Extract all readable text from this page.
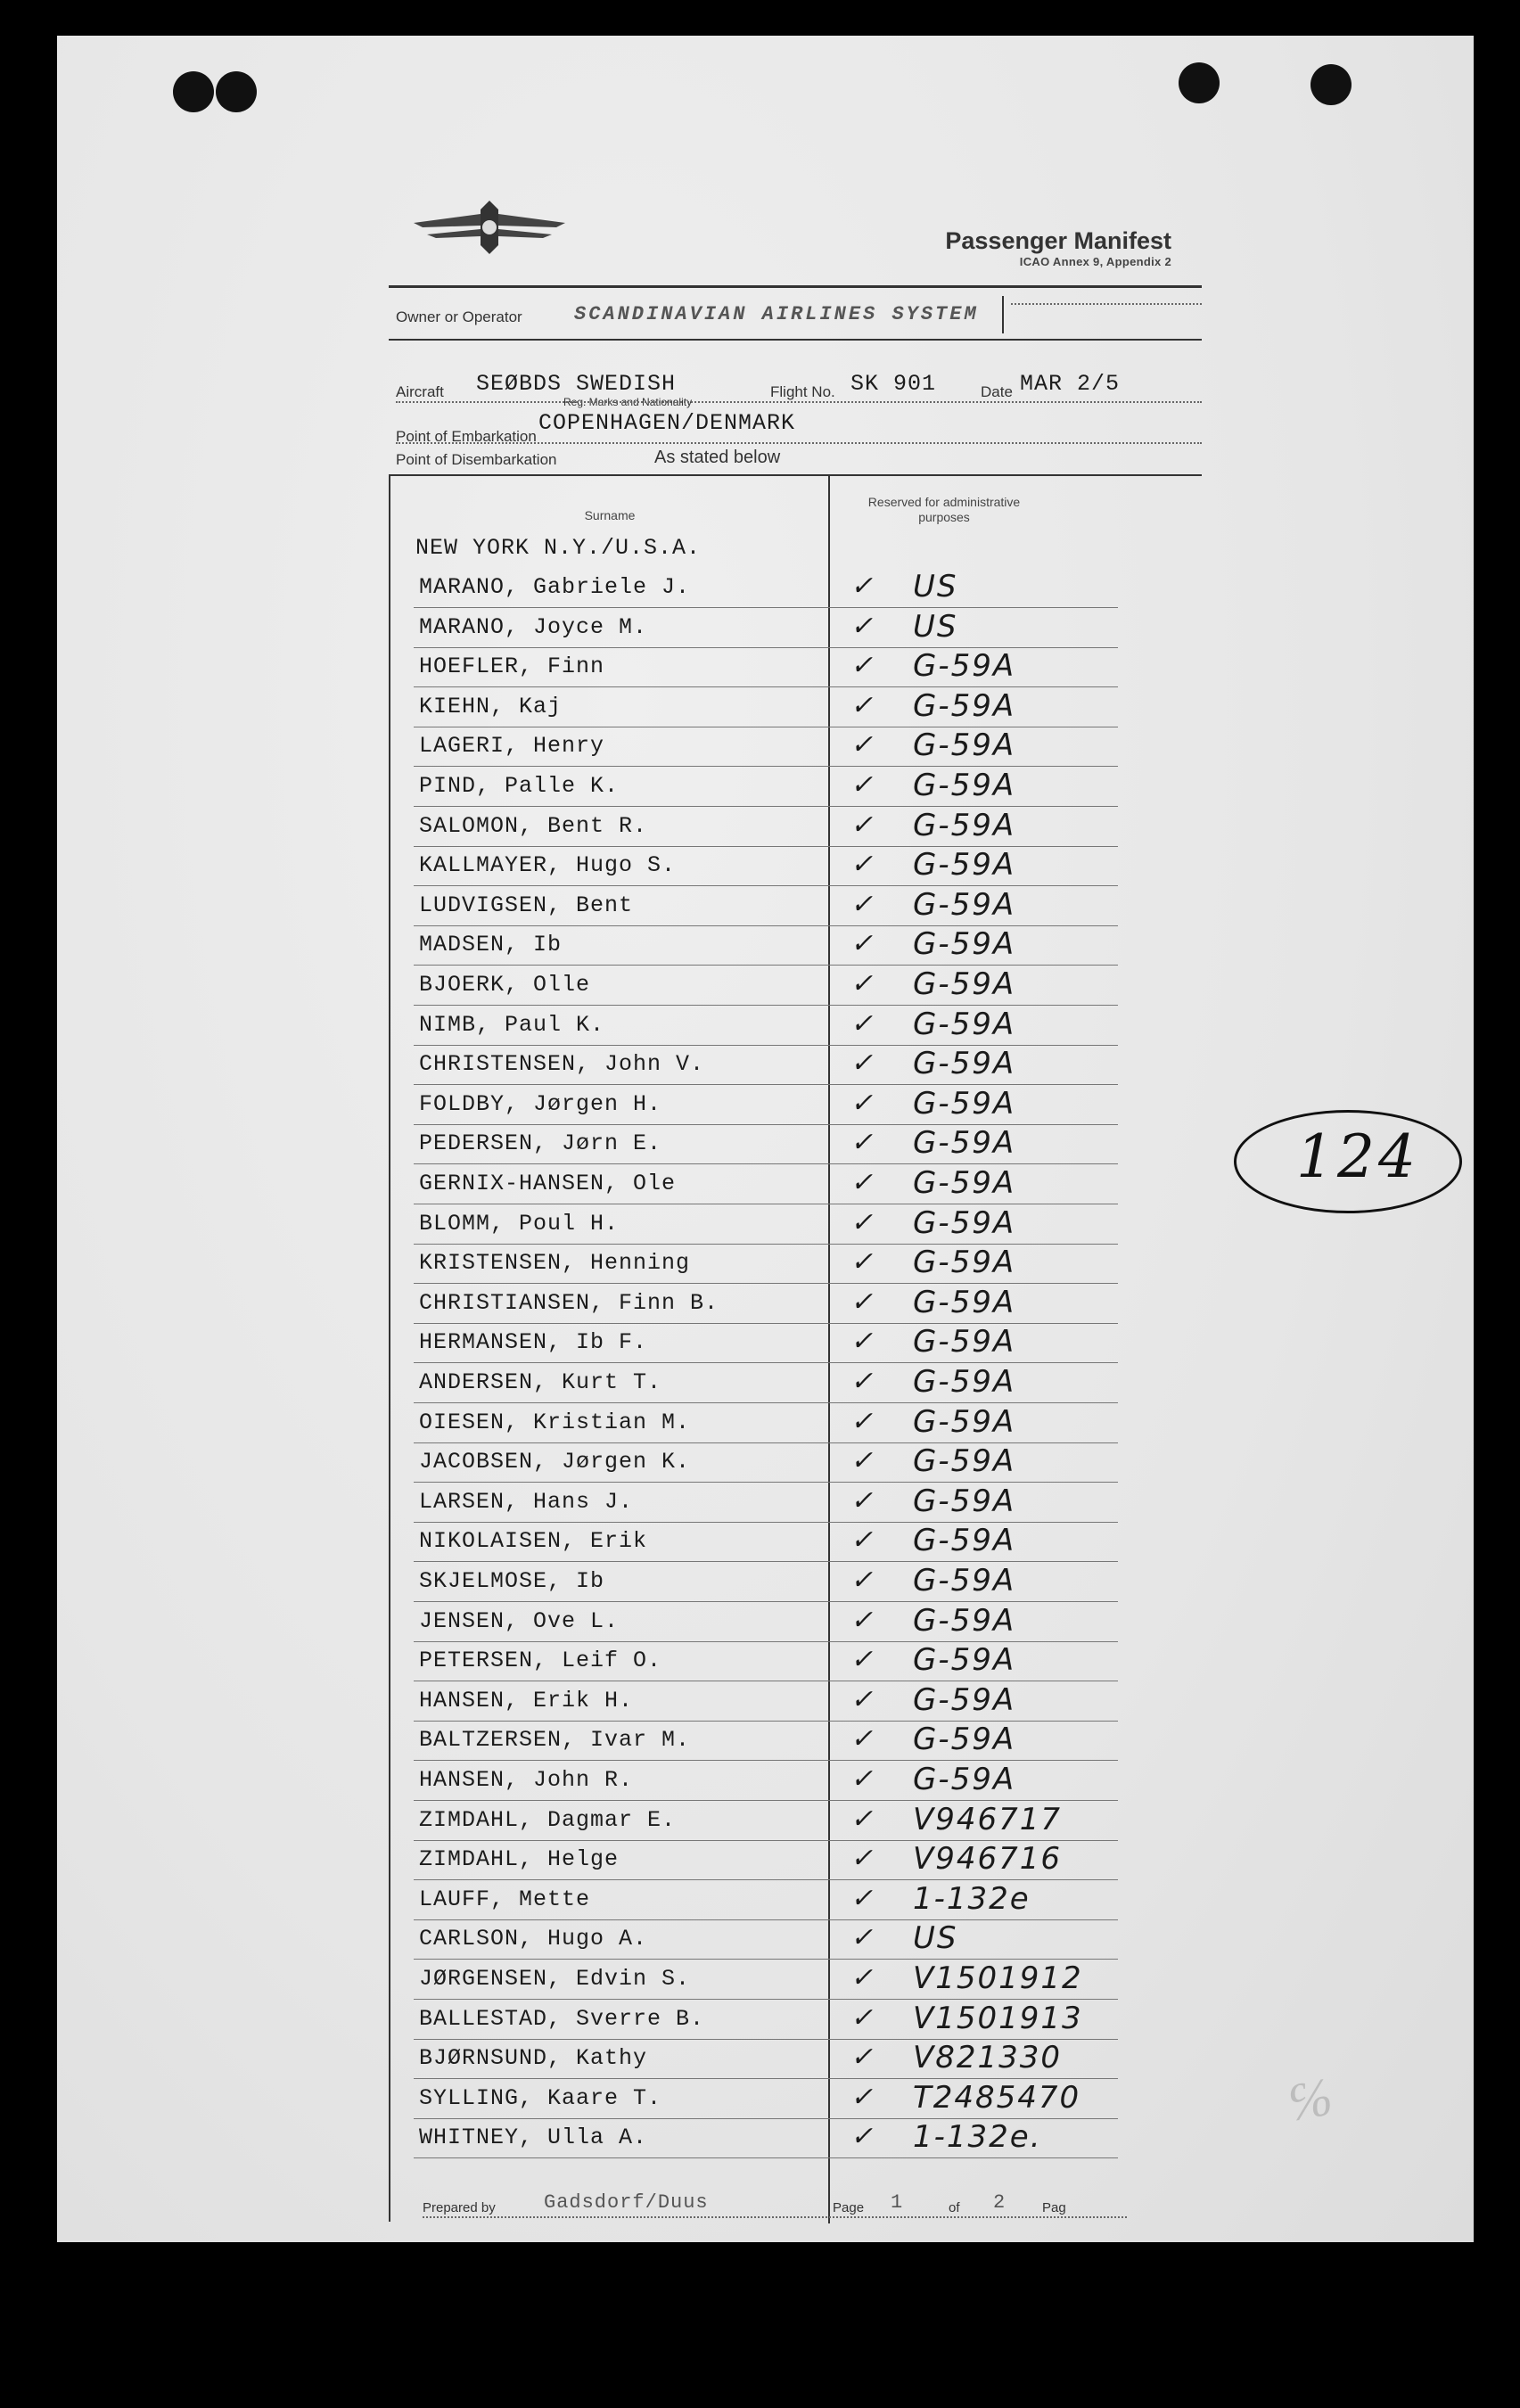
Passenger Manifest
ICAO Annex 9, Appendix 2
Owner or Operator	SCANDINAVIAN AIRLINES SYSTEM
Aircraft SEØBDS SWEDISH
Reg. Marks and Nationality
Flight No. SK 901	Date MAR 2/5
Point of Embarkation
COPENHAGEN/DENMARK
Point of Disembarkation	As stated below
Surname
Reserved for administrative purposes
NEW YORK N.Y./U.S.A.
MARANO, Gabriele J.	✓ US
MARANO, Joyce M.	✓ US
HOEFLER, Finn	✓ G-59A
KIEHN, Kaj	✓ G-59A
LAGERI, Henry	✓ G-59A
PIND, Palle K.	✓ G-59A
SALOMON, Bent R.	✓ G-59A
KALLMAYER, Hugo S.	✓ G-59A
LUDVIGSEN, Bent	✓ G-59A
MADSEN, Ib	✓ G-59A
BJOERK, Olle	✓ G-59A
NIMB, Paul K.	✓ G-59A
CHRISTENSEN, John V.	✓ G-59A
FOLDBY, Jørgen H.	✓ G-59A
PEDERSEN, Jørn E.	✓ G-59A
GERNIX-HANSEN, Ole	✓ G-59A
BLOMM, Poul H.	✓ G-59A
KRISTENSEN, Henning	✓ G-59A
CHRISTIANSEN, Finn B.	✓ G-59A
HERMANSEN, Ib F.	✓ G-59A
ANDERSEN, Kurt T.	✓ G-59A
OIESEN, Kristian M.	✓ G-59A
JACOBSEN, Jørgen K.	✓ G-59A
LARSEN, Hans J.	✓ G-59A
NIKOLAISEN, Erik	✓ G-59A
SKJELMOSE, Ib	✓ G-59A
JENSEN, Ove L.	✓ G-59A
PETERSEN, Leif O.	✓ G-59A
HANSEN, Erik H.	✓ G-59A
BALTZERSEN, Ivar M.	✓ G-59A
HANSEN, John R.	✓ G-59A
ZIMDAHL, Dagmar E.	✓ V946717
ZIMDAHL, Helge	✓ V946716
LAUFF, Mette	✓ 1-132e
CARLSON, Hugo A.	✓ US
JØRGENSEN, Edvin S.	✓ V1501912
BALLESTAD, Sverre B.	✓ V1501913
BJØRNSUND, Kathy	✓ V821330
SYLLING, Kaare T.	✓ T2485470
WHITNEY, Ulla A.	✓ 1-132e.
Prepared by Gadsdorf/Duus	Page 1	of 2	Pag
124
℅
